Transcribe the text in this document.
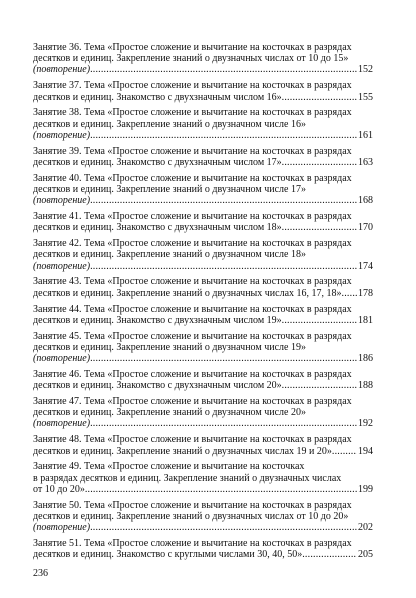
Занятие 36. Тема «Простое сложение и вычитание на косточках в разрядах
десятков и единиц. Закрепление знаний о двузначных числах от 10 до 15»
(повторение) .....	152
Занятие 37. Тема «Простое сложение и вычитание на косточках в разрядах
десятков и единиц. Знакомство с двухзначным числом 16» .....	155
Занятие 38. Тема «Простое сложение и вычитание на косточках в разрядах
десятков и единиц. Закрепление знаний о двузначном числе 16»
(повторение) .....	161
Занятие 39. Тема «Простое сложение и вычитание на косточках в разрядах
десятков и единиц. Знакомство с двухзначным числом 17» .....	163
Занятие 40. Тема «Простое сложение и вычитание на косточках в разрядах
десятков и единиц. Закрепление знаний о двузначном числе 17»
(повторение) .....	168
Занятие 41. Тема «Простое сложение и вычитание на косточках в разрядах
десятков и единиц. Знакомство с двухзначным числом 18» .....	170
Занятие 42. Тема «Простое сложение и вычитание на косточках в разрядах
десятков и единиц. Закрепление знаний о двузначном числе 18»
(повторение) .....	174
Занятие 43. Тема «Простое сложение и вычитание на косточках в разрядах
десятков и единиц. Закрепление знаний о двузначных числах 16, 17, 18» ..... 178
Занятие 44. Тема «Простое сложение и вычитание на косточках в разрядах
десятков и единиц. Знакомство с двухзначным числом 19» .....	181
Занятие 45. Тема «Простое сложение и вычитание на косточках в разрядах
десятков и единиц. Закрепление знаний о двузначном числе 19»
(повторение) .....	186
Занятие 46. Тема «Простое сложение и вычитание на косточках в разрядах
десятков и единиц. Знакомство с двухзначным числом 20» .....	188
Занятие 47. Тема «Простое сложение и вычитание на косточках в разрядах
десятков и единиц. Закрепление знаний о двузначном числе 20»
(повторение) .....	192
Занятие 48. Тема «Простое сложение и вычитание на косточках в разрядах
десятков и единиц. Закрепление знаний о двузначных числах 19 и 20» .....	194
Занятие 49. Тема «Простое сложение и вычитание на косточках
в разрядах десятков и единиц. Закрепление знаний о двузначных числах
от 10 до 20» .....	199
Занятие 50. Тема «Простое сложение и вычитание на косточках в разрядах
десятков и единиц. Закрепление знаний о двузначных числах от 10 до 20»
(повторение) .....	202
Занятие 51. Тема «Простое сложение и вычитание на косточках в разрядах
десятков и единиц. Знакомство с круглыми числами 30, 40, 50» .....	205
236
